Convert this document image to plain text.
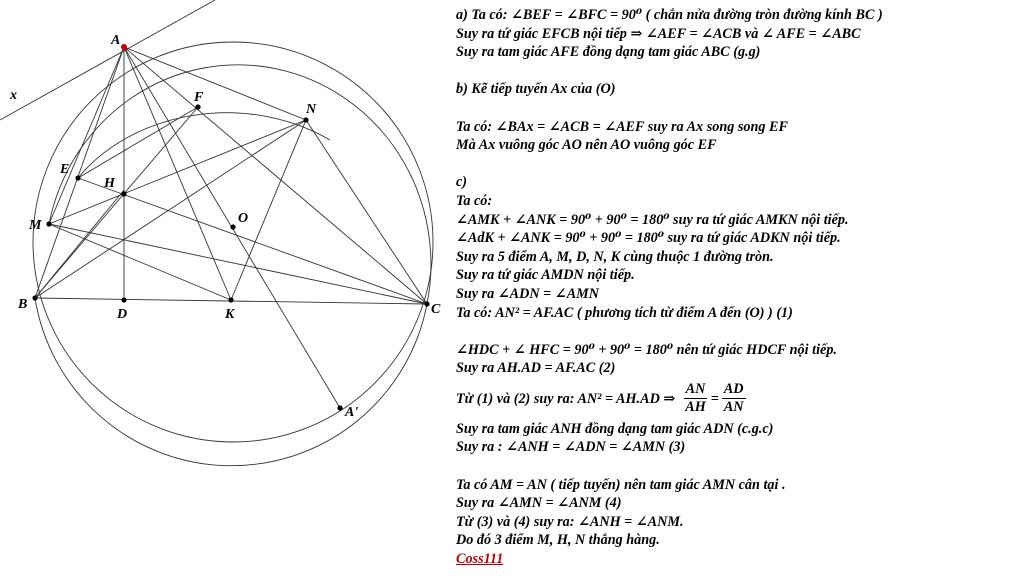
x
A
F
N
E
H
O
M
B
D	K	C
A'
a) Ta có: ∠BEF = ∠BFC = 90⁰ ( chắn nửa đường tròn đường kính BC )
Suy ra tứ giác EFCB nội tiếp ⇒ ∠AEF = ∠ACB và ∠ AFE = ∠ABC
Suy ra tam giác AFE đồng dạng tam giác ABC (g.g)
b) Kẽ tiếp tuyến Ax của (O)
Ta có: ∠BAx = ∠ACB = ∠AEF suy ra Ax song song EF
Mà Ax vuông góc AO nên AO vuông góc EF
c)
Ta có:
∠AMK + ∠ANK = 90⁰ + 90⁰ = 180⁰ suy ra tứ giác AMKN nội tiếp.
∠AdK + ∠ANK = 90⁰ + 90⁰ = 180⁰ suy ra tứ giác ADKN nội tiếp.
Suy ra 5 điểm A, M, D, N, K cùng thuộc 1 đường tròn.
Suy ra tứ giác AMDN nội tiếp.
Suy ra ∠ADN = ∠AMN
Ta có: AN² = AF.AC ( phương tích từ điểm A đến (O) ) (1)
∠HDC + ∠ HFC = 90⁰ + 90⁰ = 180⁰ nên tứ giác HDCF nội tiếp.
Suy ra AH.AD = AF.AC (2)
Từ (1) và (2) suy ra: AN² = AH.AD ⇒ $\frac{AN}{AH} = \frac{AD}{AN}$
Suy ra tam giác ANH đồng dạng tam giác ADN (c.g.c)
Suy ra : ∠ANH = ∠ADN = ∠AMN (3)
Ta có AM = AN ( tiếp tuyến) nên tam giác AMN cân tại .
Suy ra ∠AMN = ∠ANM (4)
Từ (3) và (4) suy ra: ∠ANH = ∠ANM.
Do đó 3 điểm M, H, N thẳng hàng.
Coss111
